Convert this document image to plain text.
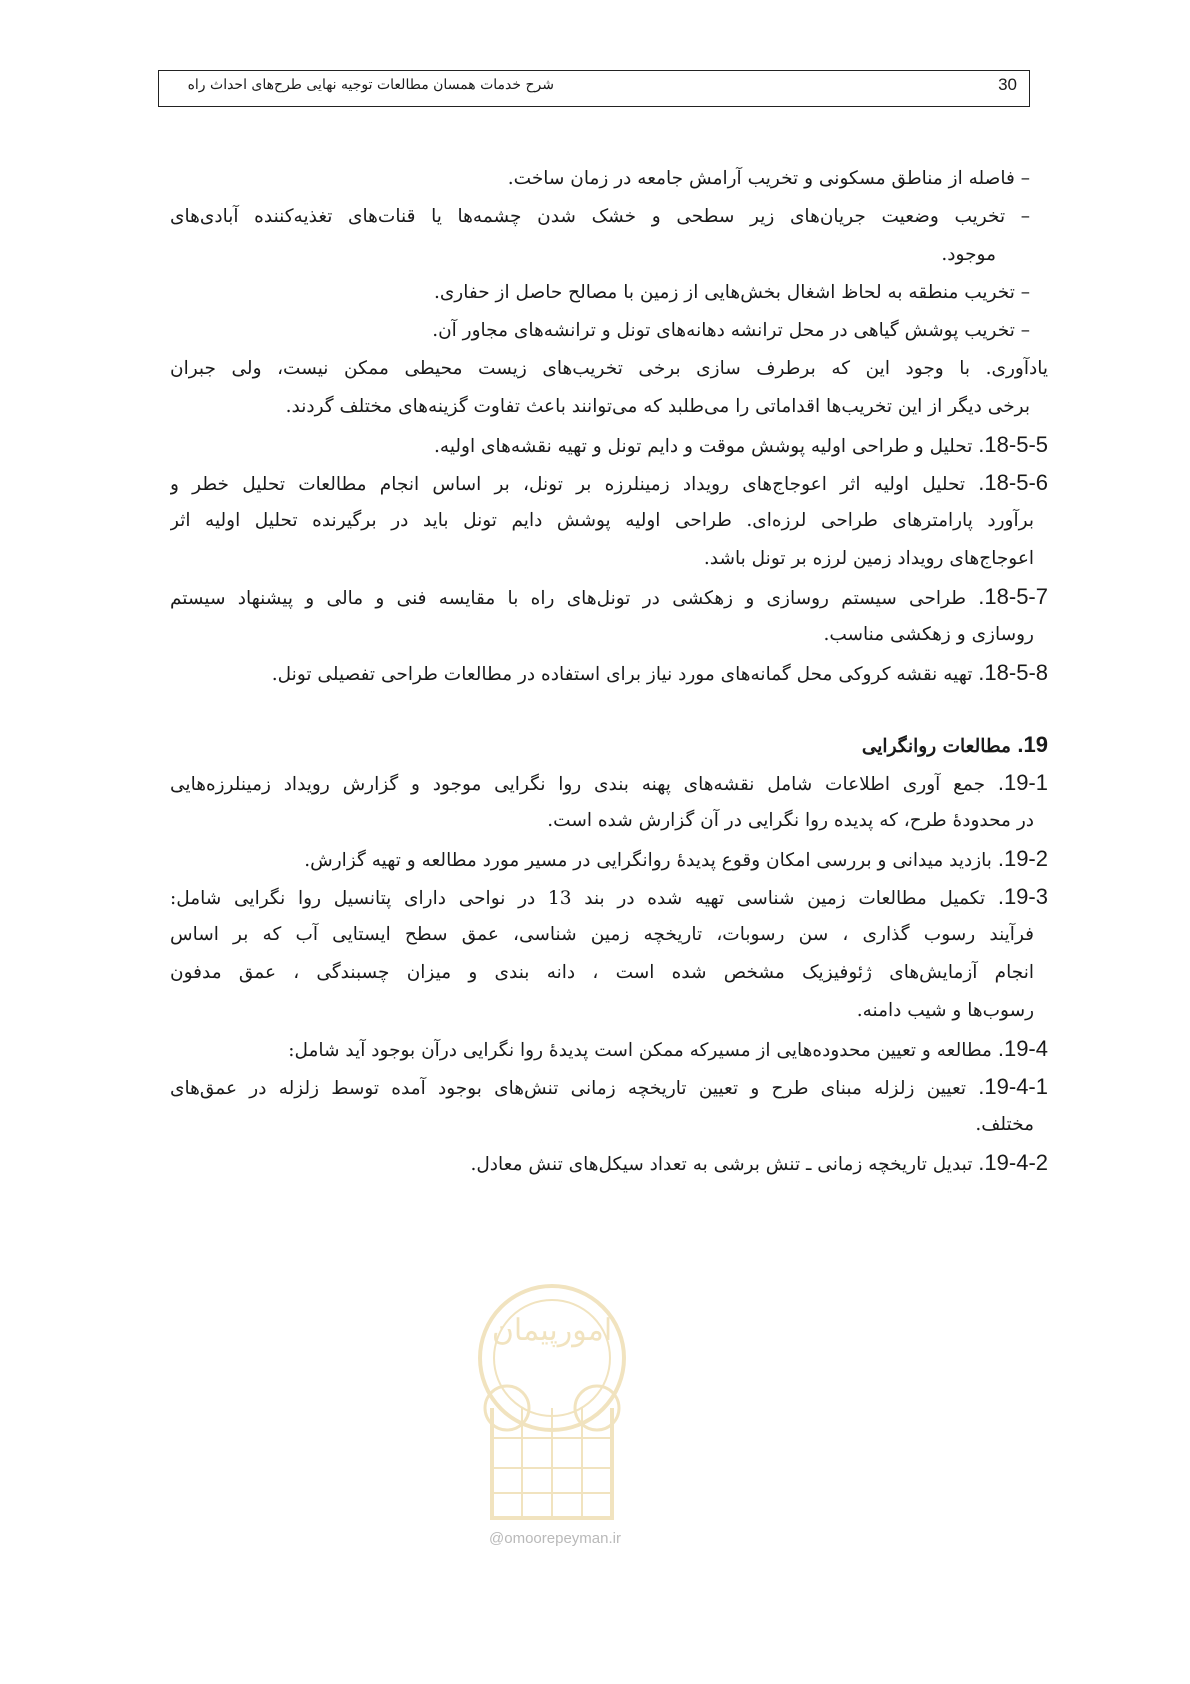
شرح خدمات همسان مطالعات توجیه نهایی طرح‌های احداث راه	30
– فاصله از مناطق مسکونی و تخریب آرامش جامعه در زمان ساخت.
– تخریب وضعیت جریان‌های زیر سطحی و خشک شدن چشمه‌ها یا قنات‌های تغذیه‌کننده آبادی‌های
موجود.
– تخریب منطقه به لحاظ اشغال بخش‌هایی از زمین با مصالح حاصل از حفاری.
– تخریب پوشش گیاهی در محل ترانشه دهانه‌های تونل و ترانشه‌های مجاور آن.
یادآوری. با وجود این که برطرف سازی برخی تخریب‌های زیست محیطی ممکن نیست، ولی جبران
برخی دیگر از این تخریب‌ها اقداماتی را می‌طلبد که می‌توانند باعث تفاوت گزینه‌های مختلف گردند.
18-5-5. تحلیل و طراحی اولیه پوشش موقت و دایم تونل و تهیه نقشه‌های اولیه.
18-5-6. تحلیل اولیه اثر اعوجاج‌های رویداد زمینلرزه بر تونل، بر اساس انجام مطالعات تحلیل خطر و
برآورد پارامترهای طراحی لرزه‌ای. طراحی اولیه پوشش دایم تونل باید در برگیرنده تحلیل اولیه اثر
اعوجاج‌های رویداد زمین لرزه بر تونل باشد.
18-5-7. طراحی سیستم روسازی و زهکشی در تونل‌های راه با مقایسه فنی و مالی و پیشنهاد سیستم
روسازی و زهکشی مناسب.
18-5-8. تهیه نقشه کروکی محل گمانه‌های مورد نیاز برای استفاده در مطالعات طراحی تفصیلی تونل.
19. مطالعات روانگرایی
19-1. جمع آوری اطلاعات شامل نقشه‌های پهنه بندی روا نگرایی موجود و گزارش رویداد زمینلرزه‌هایی
در محدودهٔ طرح، که پدیده روا نگرایی در آن گزارش شده است.
19-2. بازدید میدانی و بررسی امکان وقوع پدیدهٔ روانگرایی در مسیر مورد مطالعه و تهیه گزارش.
19-3. تکمیل مطالعات زمین شناسی تهیه شده در بند 13 در نواحی دارای پتانسیل روا نگرایی شامل:
فرآیند رسوب گذاری ، سن رسوبات، تاریخچه زمین شناسی، عمق سطح ایستایی آب که بر اساس
انجام آزمایش‌های ژئوفیزیک مشخص شده است ، دانه بندی و میزان چسبندگی ، عمق مدفون
رسوب‌ها و شیب دامنه.
19-4. مطالعه و تعیین محدوده‌هایی از مسیرکه ممکن است پدیدهٔ روا نگرایی درآن بوجود آید شامل:
19-4-1. تعیین زلزله مبنای طرح و تعیین تاریخچه زمانی تنش‌های بوجود آمده توسط زلزله در عمق‌های
مختلف.
19-4-2. تبدیل تاریخچه زمانی ـ تنش برشی به تعداد سیکل‌های تنش معادل.
امورپیمان
@omoorepeyman.ir
